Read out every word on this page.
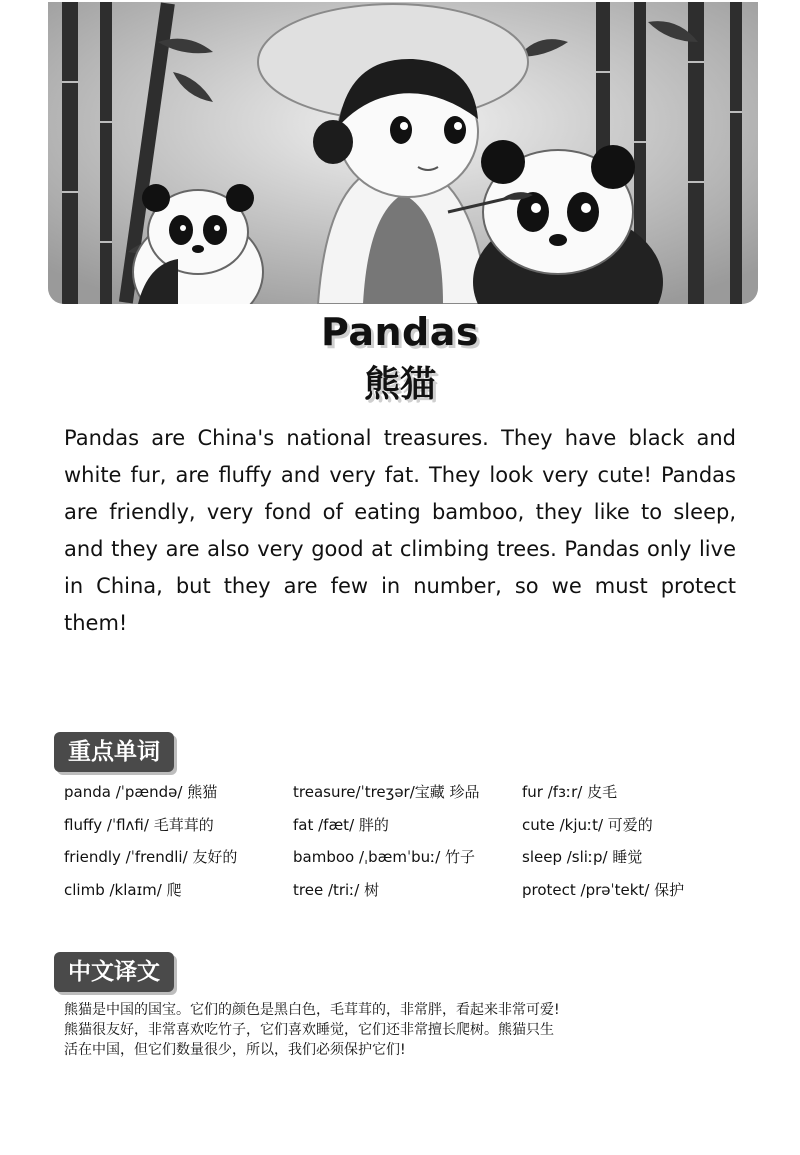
Pandas
熊猫

Pandas are China's national treasures. They have black and white fur, are fluffy and very fat. They look very cute! Pandas are friendly, very fond of eating bamboo, they like to sleep, and they are also very good at climbing trees. Pandas only live in China, but they are few in number, so we must protect them!

重点单词
panda /ˈpændə/ 熊猫	treasure/ˈtreʒər/宝藏 珍品	fur /fɜːr/ 皮毛
fluffy /ˈflʌfi/ 毛茸茸的	fat /fæt/ 胖的	cute /kjuːt/ 可爱的
friendly /ˈfrendli/ 友好的	bamboo /ˌbæmˈbuː/ 竹子	sleep /sliːp/ 睡觉
climb /klaɪm/ 爬	tree /triː/ 树	protect /prəˈtekt/ 保护
中文译文
熊猫是中国的国宝。它们的颜色是黑白色，毛茸茸的，非常胖，看起来非常可爱!
熊猫很友好，非常喜欢吃竹子，它们喜欢睡觉，它们还非常擅长爬树。熊猫只生
活在中国，但它们数量很少，所以，我们必须保护它们!
